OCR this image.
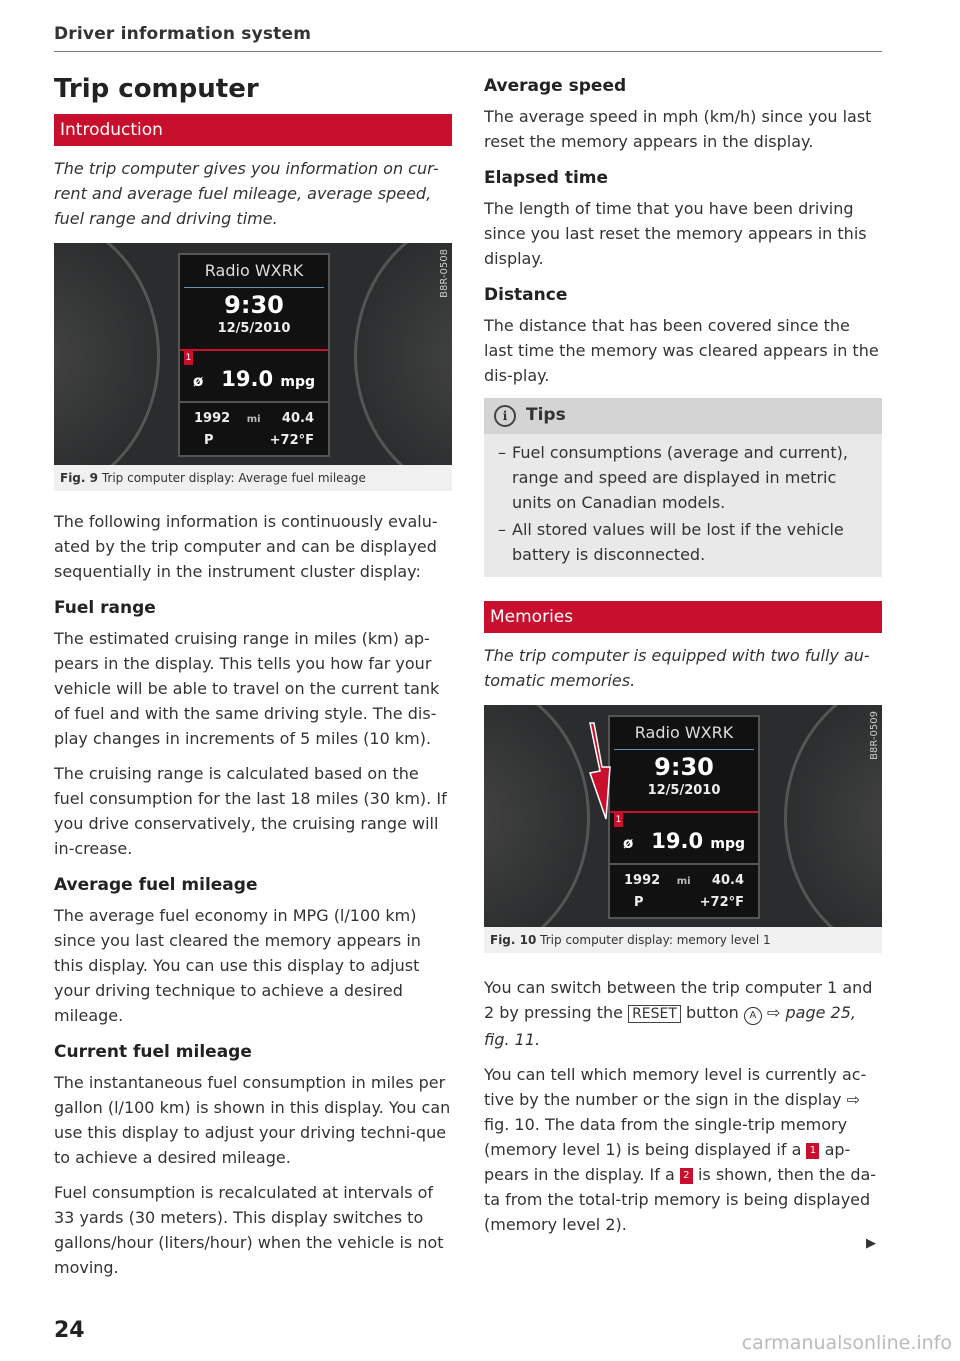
Driver information system
Trip computer
Introduction
The trip computer gives you information on cur-rent and average fuel mileage, average speed, fuel range and driving time.
Radio WXRK
9:30
12/5/2010
1
ø 19.0 mpg
1992 mi 40.4
P	+72°F
B8R-0508
Fig. 9 Trip computer display: Average fuel mileage

The following information is continuously evalu-ated by the trip computer and can be displayed sequentially in the instrument cluster display:

Fuel range

The estimated cruising range in miles (km) ap-pears in the display. This tells you how far your vehicle will be able to travel on the current tank of fuel and with the same driving style. The dis-play changes in increments of 5 miles (10 km).

The cruising range is calculated based on the fuel consumption for the last 18 miles (30 km). If you drive conservatively, the cruising range will in-crease.

Average fuel mileage

The average fuel economy in MPG (l/100 km) since you last cleared the memory appears in this display. You can use this display to adjust your driving technique to achieve a desired mileage.

Current fuel mileage

The instantaneous fuel consumption in miles per gallon (l/100 km) is shown in this display. You can use this display to adjust your driving techni-que to achieve a desired mileage.

Fuel consumption is recalculated at intervals of 33 yards (30 meters). This display switches to gallons/hour (liters/hour) when the vehicle is not moving.

Average speed

The average speed in mph (km/h) since you last reset the memory appears in the display.

Elapsed time

The length of time that you have been driving since you last reset the memory appears in this display.

Distance

The distance that has been covered since the last time the memory was cleared appears in the dis-play.

i Tips
– Fuel consumptions (average and current), range and speed are displayed in metric units on Canadian models.
– All stored values will be lost if the vehicle battery is disconnected.
Memories
The trip computer is equipped with two fully au-tomatic memories.
Radio WXRK
9:30
12/5/2010
1
ø 19.0 mpg
1992 mi 40.4
P	+72°F
B8R-0509
Fig. 10 Trip computer display: memory level 1

You can switch between the trip computer 1 and 2 by pressing the RESET button A ⇨ page 25, fig. 11.

You can tell which memory level is currently ac-tive by the number or the sign in the display ⇨ fig. 10. The data from the single-trip memory (memory level 1) is being displayed if a 1 ap-pears in the display. If a 2 is shown, then the da-ta from the total-trip memory is being displayed (memory level 2).

▶
24	carmanualsonline.info
